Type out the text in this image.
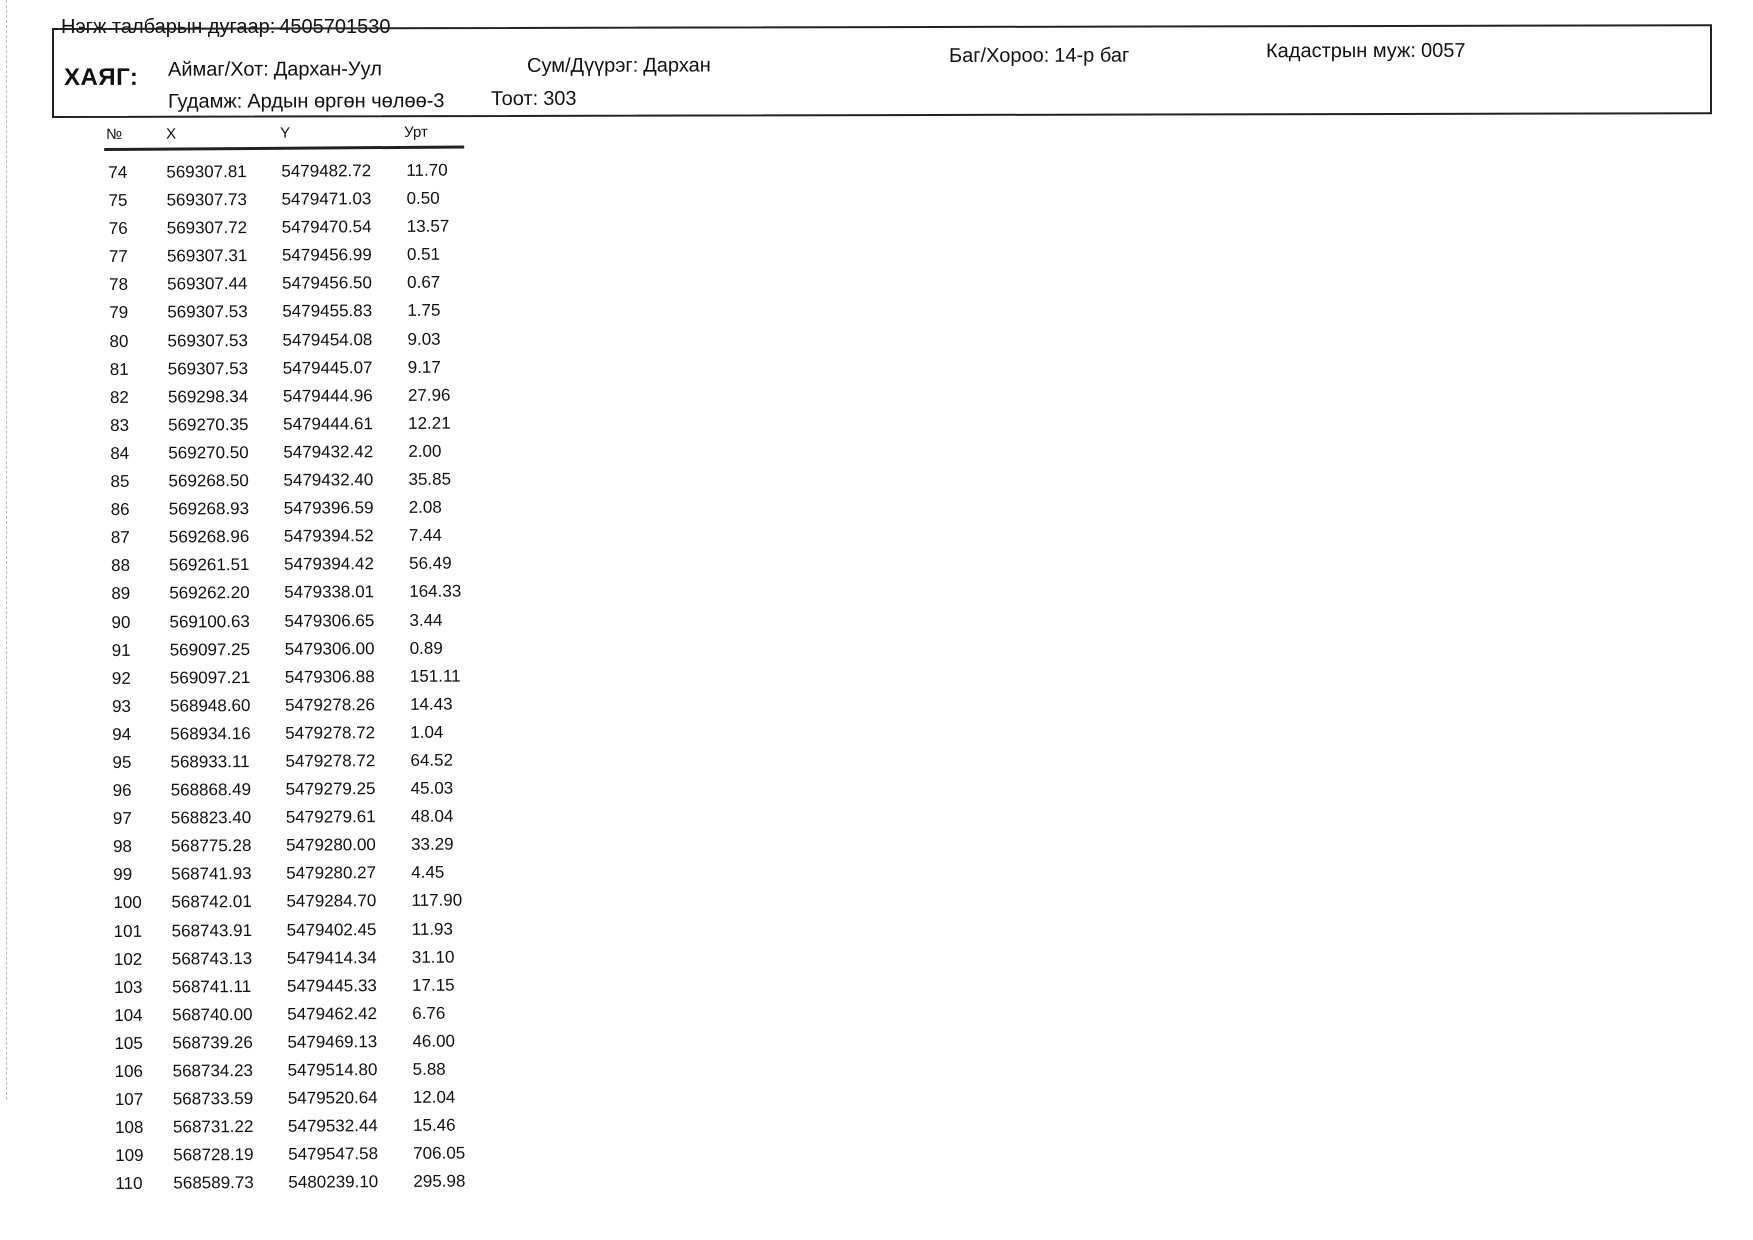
Нэгж талбарын дугаар: 4505701530
ХАЯГ: Аймаг/Хот: Дархан-Уул	Сум/Дүүрэг: Дархан	Баг/Хороо: 14-р баг	Кадастрын муж: 0057
Гудамж: Ардын өргөн чөлөө-3 Тоот: 303
№	X	Y	Урт
74 569307.81 5479482.72 11.70
75 569307.73 5479471.03 0.50
76 569307.72 5479470.54 13.57
77 569307.31 5479456.99 0.51
78 569307.44 5479456.50 0.67
79 569307.53 5479455.83 1.75
80 569307.53 5479454.08 9.03
81 569307.53 5479445.07 9.17
82 569298.34 5479444.96 27.96
83 569270.35 5479444.61 12.21
84 569270.50 5479432.42 2.00
85 569268.50 5479432.40 35.85
86 569268.93 5479396.59 2.08
87 569268.96 5479394.52 7.44
88 569261.51 5479394.42 56.49
89 569262.20 5479338.01 164.33
90 569100.63 5479306.65 3.44
91 569097.25 5479306.00 0.89
92 569097.21 5479306.88 151.11
93 568948.60 5479278.26 14.43
94 568934.16 5479278.72 1.04
95 568933.11 5479278.72 64.52
96 568868.49 5479279.25 45.03
97 568823.40 5479279.61 48.04
98 568775.28 5479280.00 33.29
99 568741.93 5479280.27 4.45
100 568742.01 5479284.70 117.90
101 568743.91 5479402.45 11.93
102 568743.13 5479414.34 31.10
103 568741.11 5479445.33 17.15
104 568740.00 5479462.42 6.76
105 568739.26 5479469.13 46.00
106 568734.23 5479514.80 5.88
107 568733.59 5479520.64 12.04
108 568731.22 5479532.44 15.46
109 568728.19 5479547.58 706.05
110 568589.73 5480239.10 295.98
